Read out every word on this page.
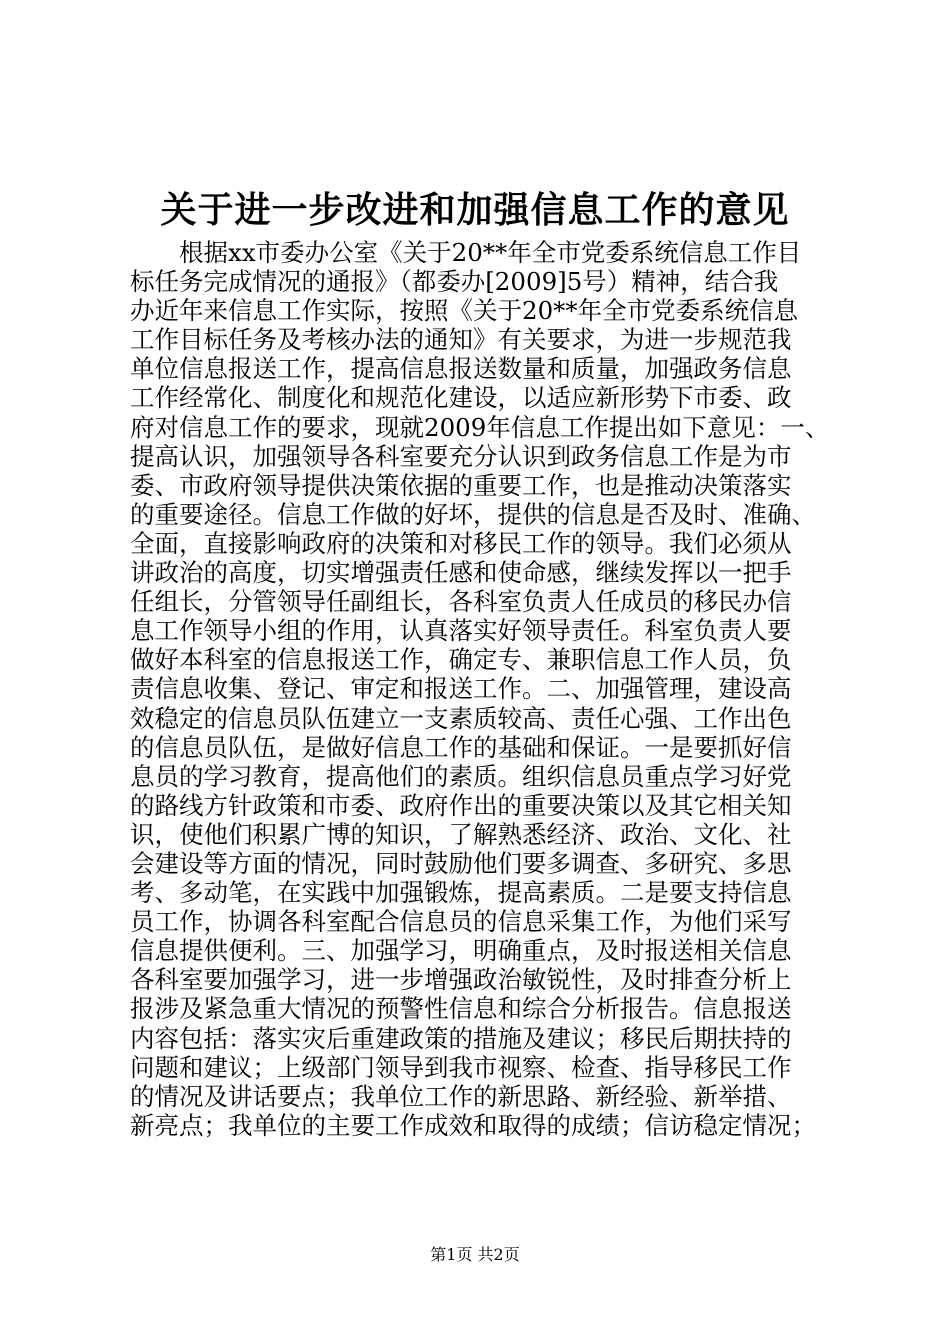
关于进一步改进和加强信息工作的意见
　　根据xx市委办公室《关于20**年全市党委系统信息工作目
标任务完成情况的通报》（都委办[2009]5号）精神，结合我
办近年来信息工作实际，按照《关于20**年全市党委系统信息
工作目标任务及考核办法的通知》有关要求，为进一步规范我
单位信息报送工作，提高信息报送数量和质量，加强政务信息
工作经常化、制度化和规范化建设，以适应新形势下市委、政
府对信息工作的要求，现就2009年信息工作提出如下意见：一、
提高认识，加强领导各科室要充分认识到政务信息工作是为市
委、市政府领导提供决策依据的重要工作，也是推动决策落实
的重要途径。信息工作做的好坏，提供的信息是否及时、准确、
全面，直接影响政府的决策和对移民工作的领导。我们必须从
讲政治的高度，切实增强责任感和使命感，继续发挥以一把手
任组长，分管领导任副组长，各科室负责人任成员的移民办信
息工作领导小组的作用，认真落实好领导责任。科室负责人要
做好本科室的信息报送工作，确定专、兼职信息工作人员，负
责信息收集、登记、审定和报送工作。二、加强管理，建设高
效稳定的信息员队伍建立一支素质较高、责任心强、工作出色
的信息员队伍，是做好信息工作的基础和保证。一是要抓好信
息员的学习教育，提高他们的素质。组织信息员重点学习好党
的路线方针政策和市委、政府作出的重要决策以及其它相关知
识，使他们积累广博的知识，了解熟悉经济、政治、文化、社
会建设等方面的情况，同时鼓励他们要多调查、多研究、多思
考、多动笔，在实践中加强锻炼，提高素质。二是要支持信息
员工作，协调各科室配合信息员的信息采集工作，为他们采写
信息提供便利。三、加强学习，明确重点，及时报送相关信息
各科室要加强学习，进一步增强政治敏锐性，及时排查分析上
报涉及紧急重大情况的预警性信息和综合分析报告。信息报送
内容包括：落实灾后重建政策的措施及建议；移民后期扶持的
问题和建议；上级部门领导到我市视察、检查、指导移民工作
的情况及讲话要点；我单位工作的新思路、新经验、新举措、
新亮点；我单位的主要工作成效和取得的成绩；信访稳定情况；
第1页 共2页
